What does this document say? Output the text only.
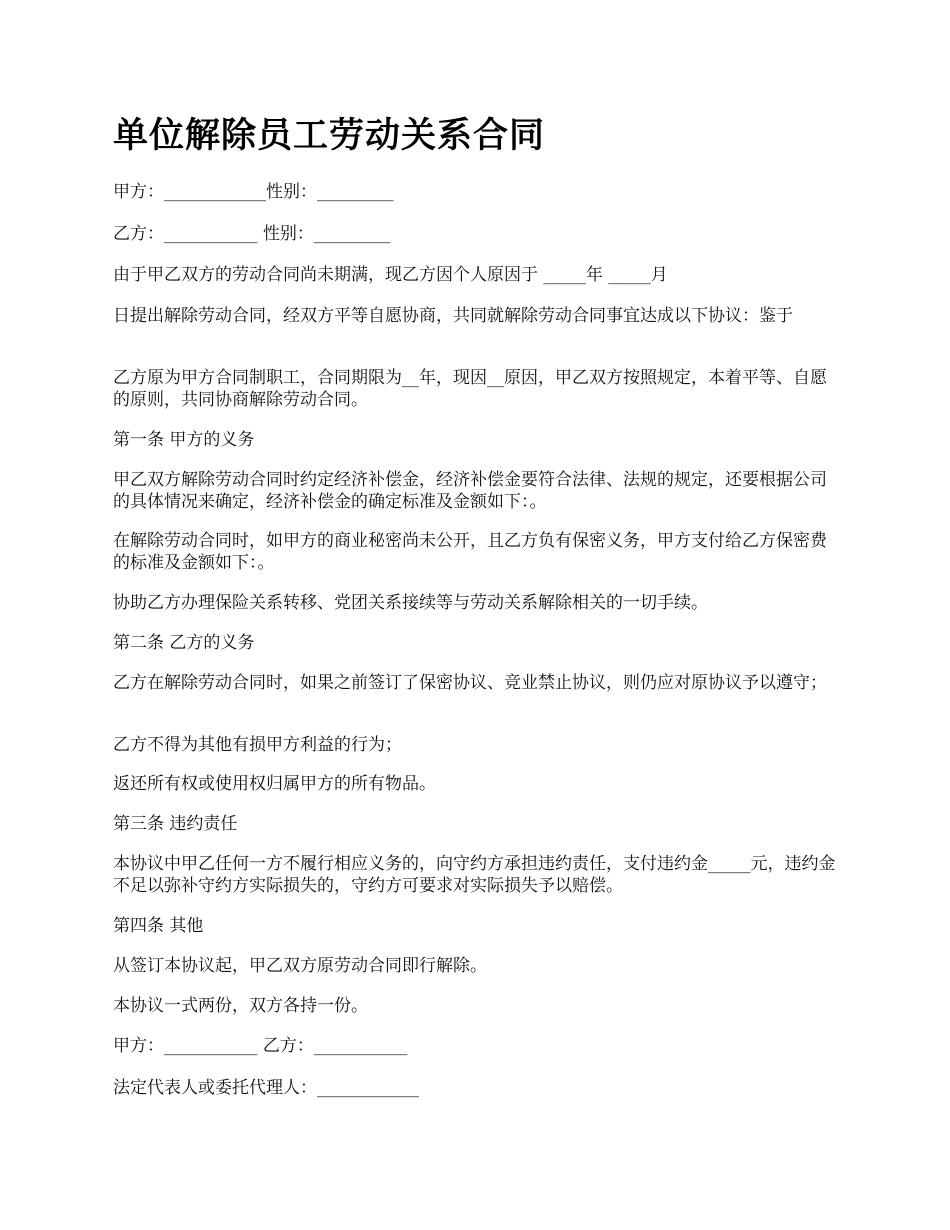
单位解除员工劳动关系合同

甲方：____________性别：_________

乙方：___________ 性别：_________

由于甲乙双方的劳动合同尚未期满，现乙方因个人原因于 _____年 _____月

日提出解除劳动合同，经双方平等自愿协商，共同就解除劳动合同事宜达成以下协议：鉴于

乙方原为甲方合同制职工，合同期限为__年，现因__原因，甲乙双方按照规定，本着平等、自愿的原则，共同协商解除劳动合同。

第一条 甲方的义务

甲乙双方解除劳动合同时约定经济补偿金，经济补偿金要符合法律、法规的规定，还要根据公司的具体情况来确定，经济补偿金的确定标准及金额如下：。

在解除劳动合同时，如甲方的商业秘密尚未公开，且乙方负有保密义务，甲方支付给乙方保密费的标准及金额如下：。

协助乙方办理保险关系转移、党团关系接续等与劳动关系解除相关的一切手续。

第二条 乙方的义务

乙方在解除劳动合同时，如果之前签订了保密协议、竞业禁止协议，则仍应对原协议予以遵守；

乙方不得为其他有损甲方利益的行为；

返还所有权或使用权归属甲方的所有物品。

第三条 违约责任

本协议中甲乙任何一方不履行相应义务的，向守约方承担违约责任，支付违约金_____元，违约金不足以弥补守约方实际损失的，守约方可要求对实际损失予以赔偿。

第四条 其他

从签订本协议起，甲乙双方原劳动合同即行解除。

本协议一式两份，双方各持一份。

甲方：___________ 乙方：___________

法定代表人或委托代理人：____________
